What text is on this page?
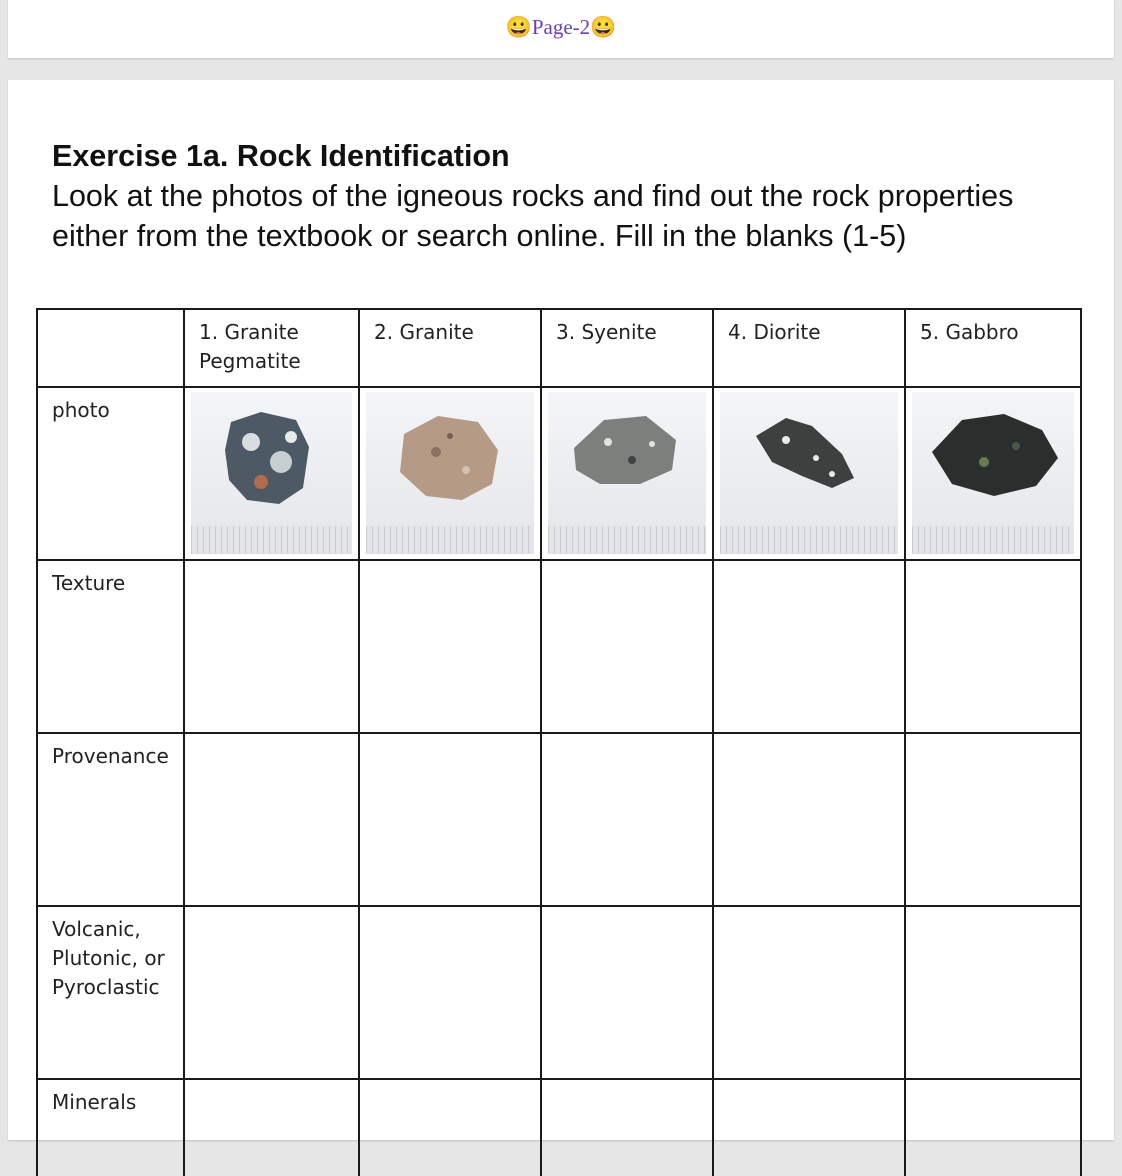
😀Page-2😀
Exercise 1a. Rock Identification
Look at the photos of the igneous rocks and find out the rock properties either from the textbook or search online. Fill in the blanks (1-5)
	1. Granite Pegmatite	2. Granite	3. Syenite	4. Diorite	5. Gabbro
photo	

Texture					
Provenance					
Volcanic, Plutonic, or Pyroclastic					
Minerals					
